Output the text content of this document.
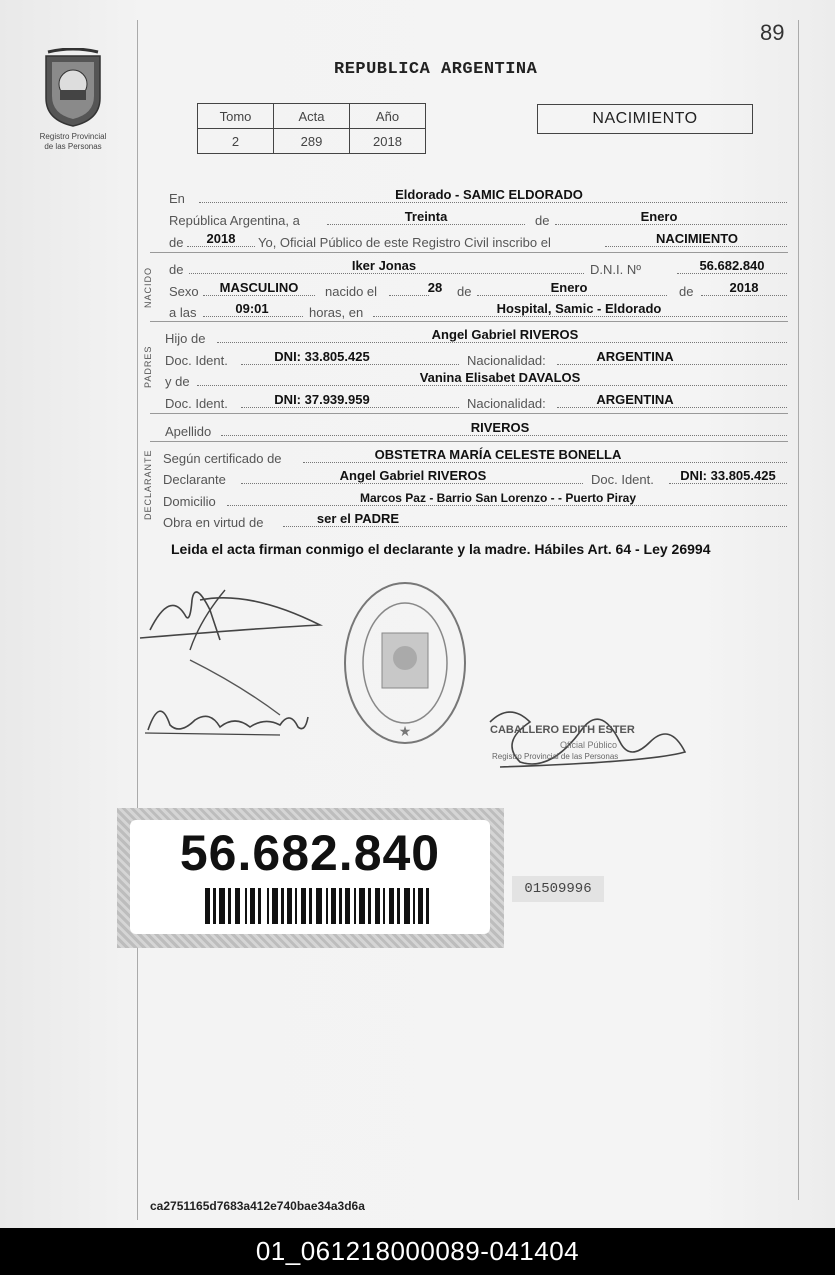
89
Registro Provincial
de las Personas
REPUBLICA ARGENTINA
Tomo	Acta	Año
2	289	2018
NACIMIENTO
En	Eldorado - SAMIC ELDORADO
República Argentina, a	Treinta	de	Enero
de	2018	Yo, Oficial Público de este Registro Civil inscribo el	NACIMIENTO
NACIDO de	Iker Jonas	D.N.I. Nº	56.682.840
Sexo	MASCULINO	nacido el	28	de	Enero	de	2018
a las	09:01	horas, en	Hospital, Samic - Eldorado
PADRES
Hijo de	Angel Gabriel RIVEROS
Doc. Ident.	DNI: 33.805.425	Nacionalidad:	ARGENTINA
y de	Vanina Elisabet DAVALOS
Doc. Ident.	DNI: 37.939.959	Nacionalidad:	ARGENTINA
Apellido	RIVEROS
DECLARANTE Según certificado de	OBSTETRA MARÍA CELESTE BONELLA
Declarante	Angel Gabriel RIVEROS	Doc. Ident.	DNI: 33.805.425
Domicilio	Marcos Paz - Barrio San Lorenzo - - Puerto Piray
Obra en virtud de	ser el PADRE
Leida el acta firman conmigo el declarante y la madre. Hábiles Art. 64 - Ley 26994
★	CABALLERO EDITH ESTER
Oficial Público
Registro Provincial de las Personas
56.682.840
01509996
ca2751165d7683a412e740bae34a3d6a
01_061218000089-041404
